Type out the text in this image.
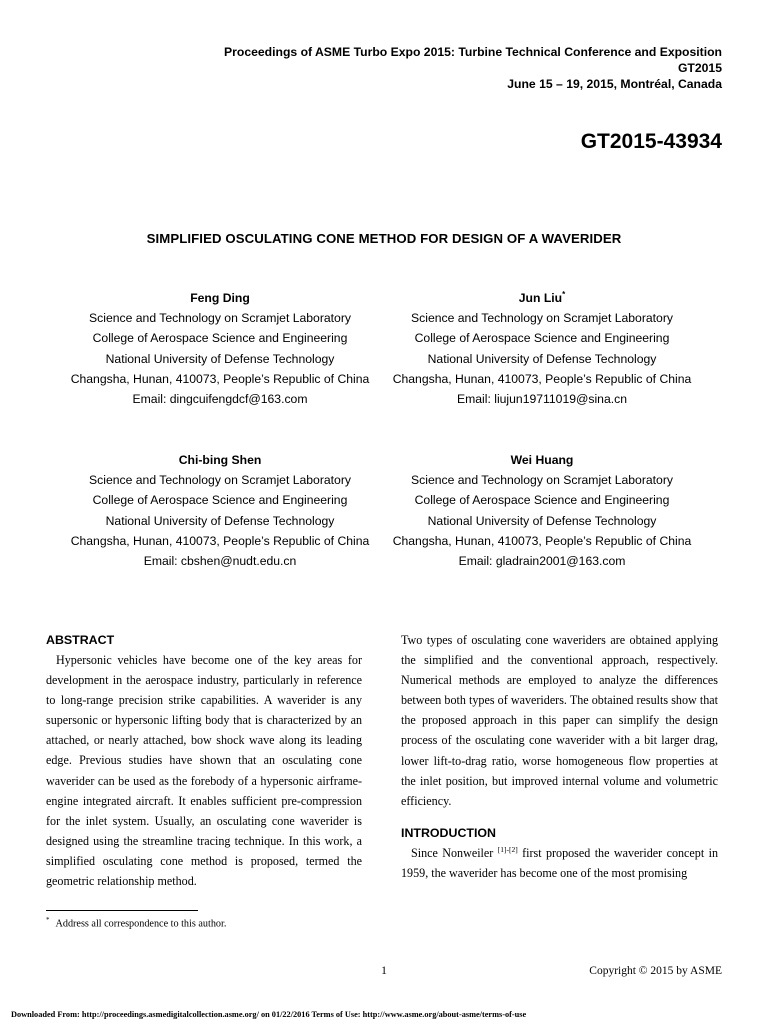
Proceedings of ASME Turbo Expo 2015: Turbine Technical Conference and Exposition
GT2015
June 15 – 19, 2015, Montréal, Canada
GT2015-43934
SIMPLIFIED OSCULATING CONE METHOD FOR DESIGN OF A WAVERIDER
Feng Ding
Science and Technology on Scramjet Laboratory
College of Aerospace Science and Engineering
National University of Defense Technology
Changsha, Hunan, 410073, People’s Republic of China
Email: dingcuifengdcf@163.com
Jun Liu*
Science and Technology on Scramjet Laboratory
College of Aerospace Science and Engineering
National University of Defense Technology
Changsha, Hunan, 410073, People’s Republic of China
Email: liujun19711019@sina.cn
Chi-bing Shen
Science and Technology on Scramjet Laboratory
College of Aerospace Science and Engineering
National University of Defense Technology
Changsha, Hunan, 410073, People’s Republic of China
Email: cbshen@nudt.edu.cn
Wei Huang
Science and Technology on Scramjet Laboratory
College of Aerospace Science and Engineering
National University of Defense Technology
Changsha, Hunan, 410073, People’s Republic of China
Email: gladrain2001@163.com

ABSTRACT

Hypersonic vehicles have become one of the key areas for development in the aerospace industry, particularly in reference to long-range precision strike capabilities. A waverider is any supersonic or hypersonic lifting body that is characterized by an attached, or nearly attached, bow shock wave along its leading edge. Previous studies have shown that an osculating cone waverider can be used as the forebody of a hypersonic airframe-engine integrated aircraft. It enables sufficient pre-compression for the inlet system. Usually, an osculating cone waverider is designed using the streamline tracing technique. In this work, a simplified osculating cone method is proposed, termed the geometric relationship method.

Two types of osculating cone waveriders are obtained applying the simplified and the conventional approach, respectively. Numerical methods are employed to analyze the differences between both types of waveriders. The obtained results show that the proposed approach in this paper can simplify the design process of the osculating cone waverider with a bit larger drag, lower lift-to-drag ratio, worse homogeneous flow properties at the inlet position, but improved internal volume and volumetric efficiency.

INTRODUCTION

Since Nonweiler [1]-[2] first proposed the waverider concept in 1959, the waverider has become one of the most promising

* Address all correspondence to this author.
1	Copyright © 2015 by ASME
Downloaded From: http://proceedings.asmedigitalcollection.asme.org/ on 01/22/2016 Terms of Use: http://www.asme.org/about-asme/terms-of-use
